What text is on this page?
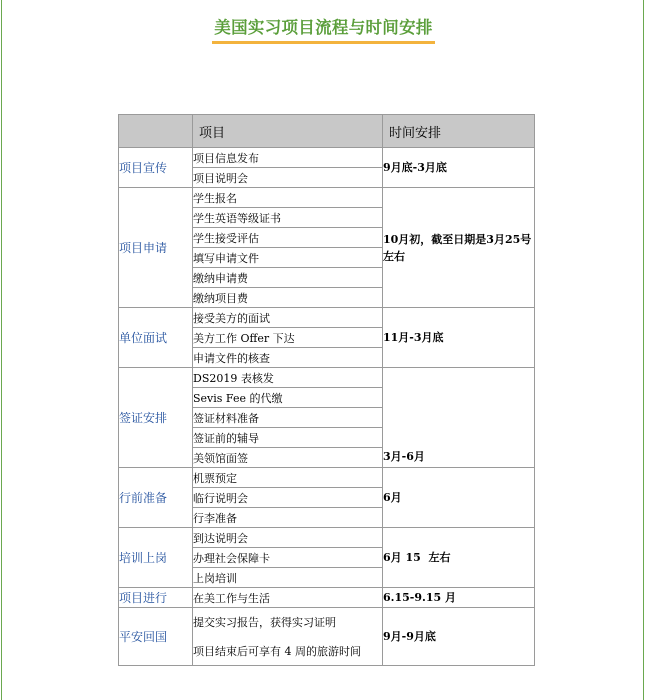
美国实习项目流程与时间安排
	项目	时间安排
项目宣传	项目信息发布	9月底-3月底
	项目说明会	
项目申请	学生报名	10月初，截至日期是3月25号左右
	学生英语等级证书	
	学生接受评估	
	填写申请文件	
	缴纳申请费	
	缴纳项目费	
单位面试	接受美方的面试	11月-3月底
	美方工作 Offer 下达	
	申请文件的核查	
签证安排	DS2019 表核发	3月-6月
	Sevis Fee 的代缴	
	签证材料准备	
	签证前的辅导	
	美领馆面签	
行前准备	机票预定	6月
	临行说明会	
	行李准备	
培训上岗	到达说明会	6月 15  左右
	办理社会保障卡	
	上岗培训	
项目进行	在美工作与生活	6.15-9.15 月
平安回国	提交实习报告，获得实习证明	9月-9月底
	项目结束后可享有 4 周的旅游时间	
